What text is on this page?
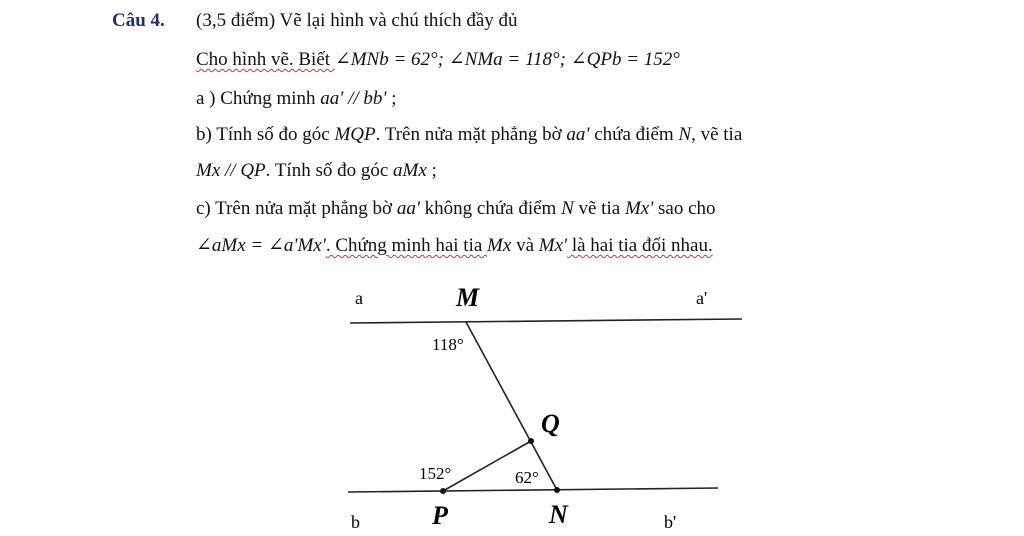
Câu 4. (3,5 điểm) Vẽ lại hình và chú thích đầy đủ
Cho hình vẽ. Biết ∠MNb = 62°; ∠NMa = 118°; ∠QPb = 152°
a ) Chứng minh aa' // bb' ;
b) Tính số đo góc MQP. Trên nửa mặt phẳng bờ aa' chứa điểm N, vẽ tia
Mx // QP. Tính số đo góc aMx ;
c) Trên nửa mặt phẳng bờ aa' không chứa điểm N vẽ tia Mx' sao cho
∠aMx = ∠a'Mx'. Chứng minh hai tia Mx và Mx' là hai tia đối nhau.
a	a'
b	b'
M
Q
P	N
118°
152°	62°
